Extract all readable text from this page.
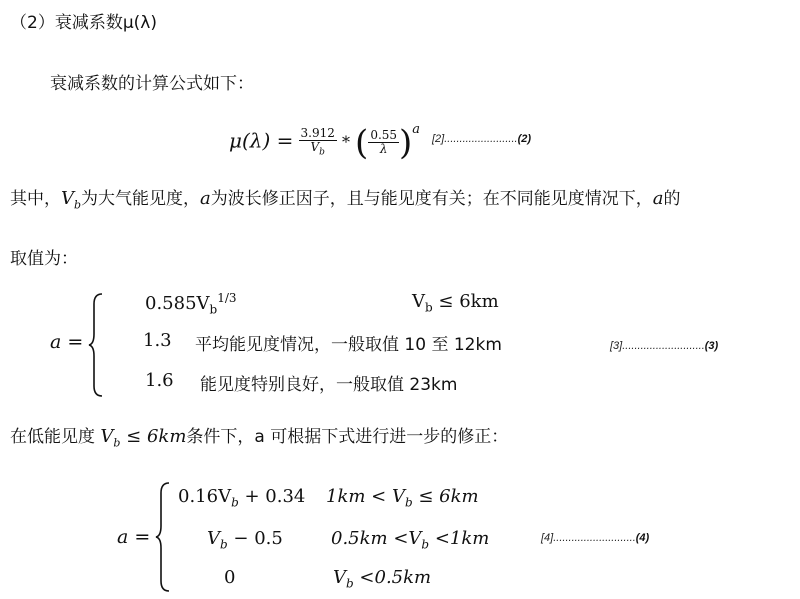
（2）衰减系数μ(λ)
衰减系数的计算公式如下：
$\mu(\lambda) = \frac{3.912}{V_b}$ * ( $\frac{0.55}{\lambda} )^a$
[2]........................(2)
其中，$V_b$为大气能见度，a为波长修正因子，且与能见度有关；在不同能见度情况下，a的
取值为：
a =
$0.585V_b^{1/3}$	$V_b \le 6km$
1.3 平均能见度情况，一般取值 10 至 12km
1.6 能见度特别良好，一般取值 23km
[3]...........................(3)
在低能见度 $V_b \le 6km$条件下，a 可根据下式进行进一步的修正：
a =
$0.16V_b + 0.34$ $1km < V_b \le 6km$
$V_b - 0.5$	$0.5km <V_b <1km$
0	$V_b <0.5km$
[4]...........................(4)
